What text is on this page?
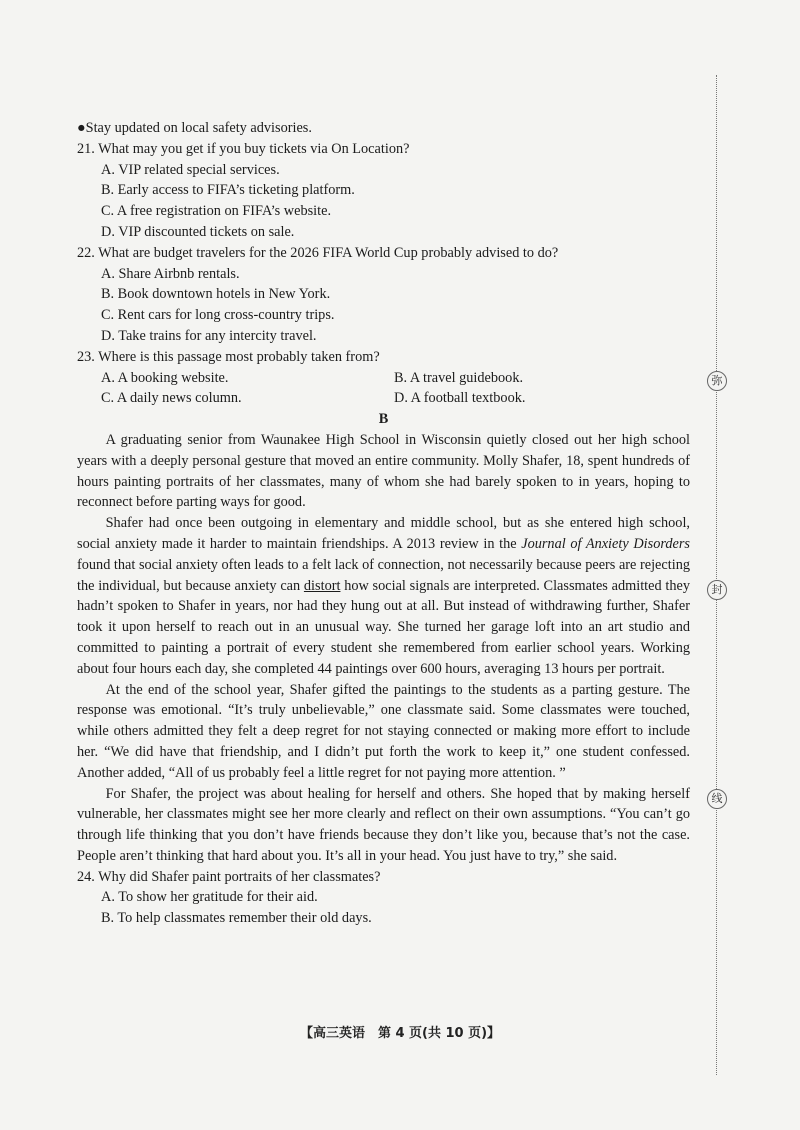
●Stay updated on local safety advisories.
21. What may you get if you buy tickets via On Location?
A. VIP related special services.
B. Early access to FIFA’s ticketing platform.
C. A free registration on FIFA’s website.
D. VIP discounted tickets on sale.
22. What are budget travelers for the 2026 FIFA World Cup probably advised to do?
A. Share Airbnb rentals.
B. Book downtown hotels in New York.
C. Rent cars for long cross-country trips.
D. Take trains for any intercity travel.
23. Where is this passage most probably taken from?
A. A booking website.	B. A travel guidebook.
C. A daily news column.	D. A football textbook.
B
A graduating senior from Waunakee High School in Wisconsin quietly closed out her high school years with a deeply personal gesture that moved an entire community. Molly Shafer, 18, spent hundreds of hours painting portraits of her classmates, many of whom she had barely spoken to in years, hoping to reconnect before parting ways for good.
Shafer had once been outgoing in elementary and middle school, but as she entered high school, social anxiety made it harder to maintain friendships. A 2013 review in the Journal of Anxiety Disorders found that social anxiety often leads to a felt lack of connection, not necessarily because peers are rejecting the individual, but because anxiety can distort how social signals are interpreted. Classmates admitted they hadn’t spoken to Shafer in years, nor had they hung out at all. But instead of withdrawing further, Shafer took it upon herself to reach out in an unusual way. She turned her garage loft into an art studio and committed to painting a portrait of every student she remembered from earlier school years. Working about four hours each day, she completed 44 paintings over 600 hours, averaging 13 hours per portrait.
At the end of the school year, Shafer gifted the paintings to the students as a parting gesture. The response was emotional. “It’s truly unbelievable,” one classmate said. Some classmates were touched, while others admitted they felt a deep regret for not staying connected or making more effort to include her. “We did have that friendship, and I didn’t put forth the work to keep it,” one student confessed. Another added, “All of us probably feel a little regret for not paying more attention. ”
For Shafer, the project was about healing for herself and others. She hoped that by making herself vulnerable, her classmates might see her more clearly and reflect on their own assumptions. “You can’t go through life thinking that you don’t have friends because they don’t like you, because that’s not the case. People aren’t thinking that hard about you. It’s all in your head. You just have to try,” she said.
24. Why did Shafer paint portraits of her classmates?
A. To show her gratitude for their aid.
B. To help classmates remember their old days.
【高三英语　第 4 页(共 10 页)】
弥
封
线
